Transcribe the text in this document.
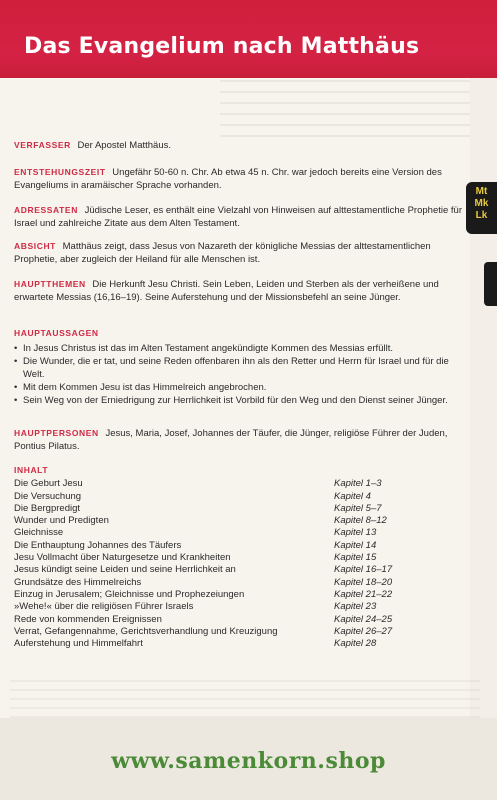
Das Evangelium nach Matthäus
Mt
Mk
Lk
VERFASSER Der Apostel Matthäus.
ENTSTEHUNGSZEIT Ungefähr 50-60 n. Chr. Ab etwa 45 n. Chr. war jedoch bereits eine Version des Evangeliums in aramäischer Sprache vorhanden.
ADRESSATEN Jüdische Leser, es enthält eine Vielzahl von Hinweisen auf alttestamentliche Prophetie für Israel und zahlreiche Zitate aus dem Alten Testament.
ABSICHT Matthäus zeigt, dass Jesus von Nazareth der königliche Messias der alttestamentlichen Prophetie, aber zugleich der Heiland für alle Menschen ist.
HAUPTTHEMEN Die Herkunft Jesu Christi. Sein Leben, Leiden und Sterben als der verheißene und erwartete Messias (16,16–19). Seine Auferstehung und der Missionsbefehl an seine Jünger.
HAUPTAUSSAGEN
• In Jesus Christus ist das im Alten Testament angekündigte Kommen des Messias erfüllt.
• Die Wunder, die er tat, und seine Reden offenbaren ihn als den Retter und Herrn für Israel und für die Welt.
• Mit dem Kommen Jesu ist das Himmelreich angebrochen.
• Sein Weg von der Erniedrigung zur Herrlichkeit ist Vorbild für den Weg und den Dienst seiner Jünger.
HAUPTPERSONEN Jesus, Maria, Josef, Johannes der Täufer, die Jünger, religiöse Führer der Juden, Pontius Pilatus.
INHALT
Die Geburt Jesu	Kapitel 1–3
Die Versuchung	Kapitel 4
Die Bergpredigt	Kapitel 5–7
Wunder und Predigten	Kapitel 8–12
Gleichnisse	Kapitel 13
Die Enthauptung Johannes des Täufers	Kapitel 14
Jesu Vollmacht über Naturgesetze und Krankheiten	Kapitel 15
Jesus kündigt seine Leiden und seine Herrlichkeit an	Kapitel 16–17
Grundsätze des Himmelreichs	Kapitel 18–20
Einzug in Jerusalem; Gleichnisse und Prophezeiungen	Kapitel 21–22
»Wehe!« über die religiösen Führer Israels	Kapitel 23
Rede von kommenden Ereignissen	Kapitel 24–25
Verrat, Gefangennahme, Gerichtsverhandlung und Kreuzigung	Kapitel 26–27
Auferstehung und Himmelfahrt	Kapitel 28
www.samenkorn.shop
